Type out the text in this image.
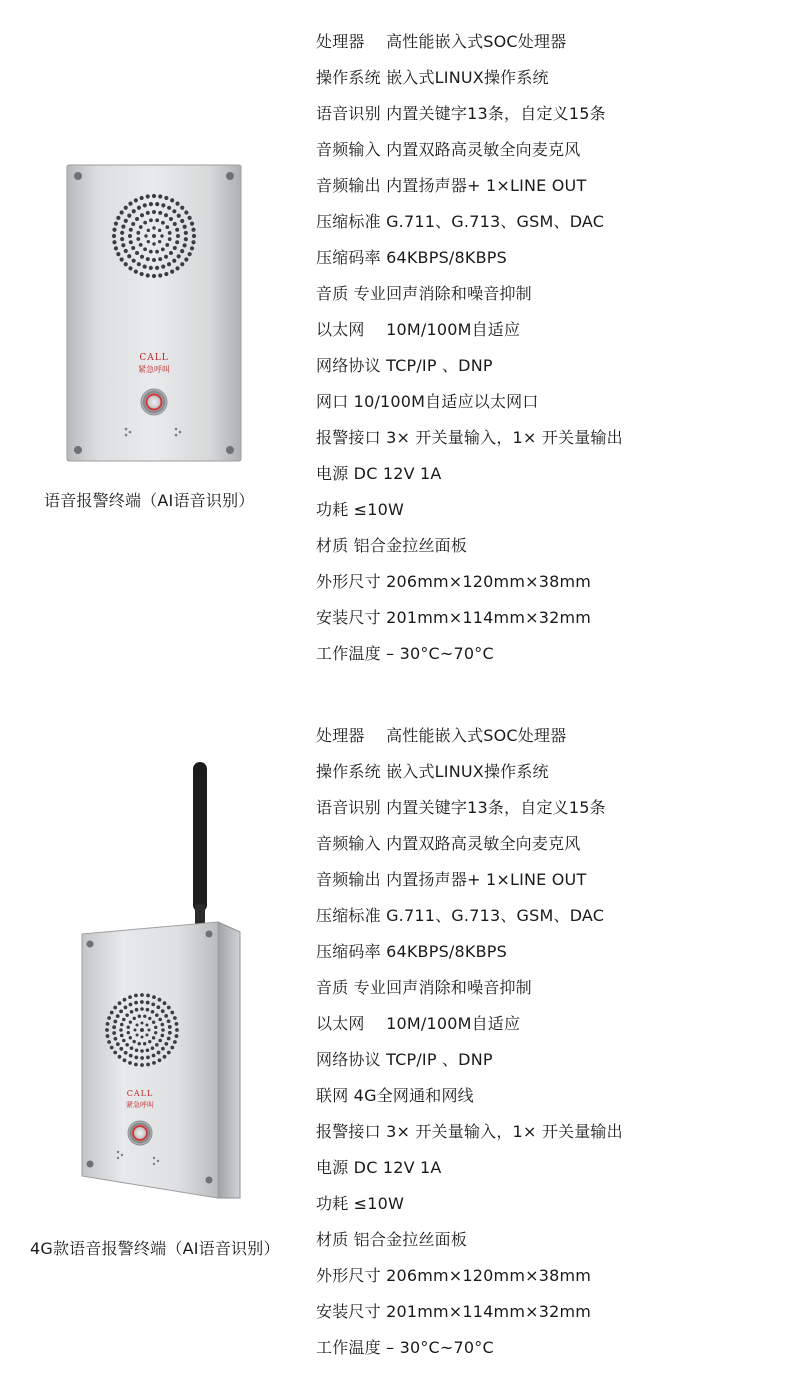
CALL
紧急呼叫
语音报警终端（AI语音识别）
处理器　 高性能嵌入式SOC处理器
操作系统 嵌入式LINUX操作系统
语音识别 内置关键字13条，自定义15条
音频输入 内置双路高灵敏全向麦克风
音频输出 内置扬声器+ 1×LINE OUT
压缩标准 G.711、G.713、GSM、DAC
压缩码率 64KBPS/8KBPS
音质 专业回声消除和噪音抑制
以太网　 10M/100M自适应
网络协议 TCP/IP 、DNP
网口 10/100M自适应以太网口
报警接口 3× 开关量输入，1× 开关量输出
电源 DC 12V 1A
功耗 ≤10W
材质 铝合金拉丝面板
外形尺寸 206mm×120mm×38mm
安装尺寸 201mm×114mm×32mm
工作温度 – 30°C~70°C
CALL
紧急呼叫
4G款语音报警终端（AI语音识别）
处理器　 高性能嵌入式SOC处理器
操作系统 嵌入式LINUX操作系统
语音识别 内置关键字13条，自定义15条
音频输入 内置双路高灵敏全向麦克风
音频输出 内置扬声器+ 1×LINE OUT
压缩标准 G.711、G.713、GSM、DAC
压缩码率 64KBPS/8KBPS
音质 专业回声消除和噪音抑制
以太网　 10M/100M自适应
网络协议 TCP/IP 、DNP
联网 4G全网通和网线
报警接口 3× 开关量输入，1× 开关量输出
电源 DC 12V 1A
功耗 ≤10W
材质 铝合金拉丝面板
外形尺寸 206mm×120mm×38mm
安装尺寸 201mm×114mm×32mm
工作温度 – 30°C~70°C
